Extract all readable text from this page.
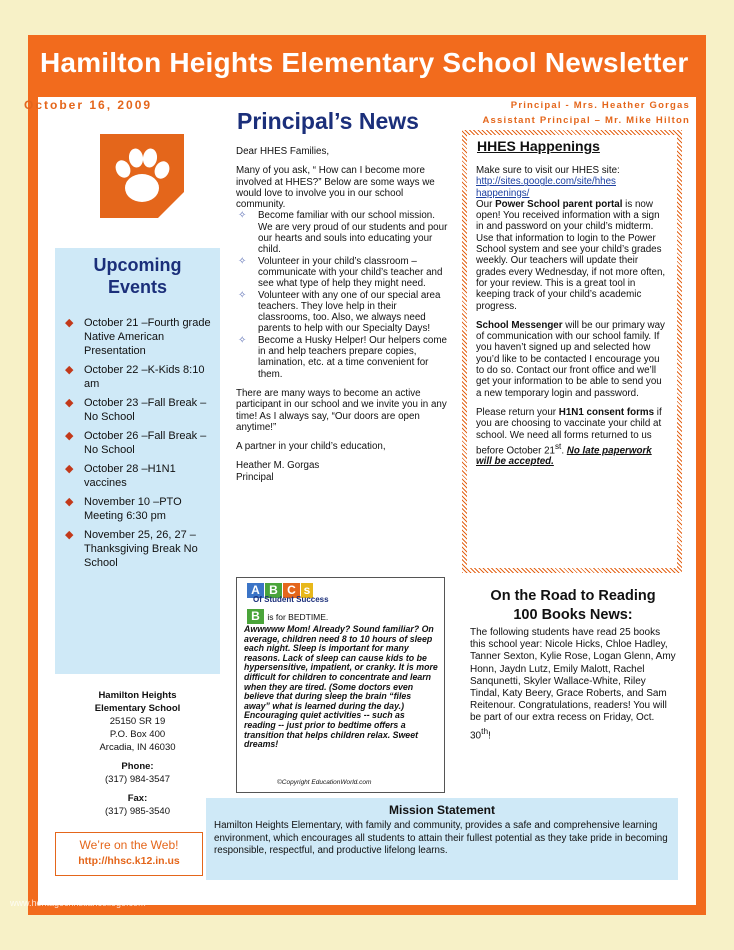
Hamilton Heights Elementary School Newsletter
October 16, 2009	Principal - Mrs. Heather Gorgas
Assistant Principal – Mr. Mike Hilton
Upcoming
Events
◆ October 21 –Fourth grade Native American Presentation
◆ October 22 –K-Kids 8:10 am
◆ October 23 –Fall Break –No School
◆ October 26 –Fall Break –No School
◆ October 28 –H1N1 vaccines
◆ November 10 –PTO Meeting 6:30 pm
◆ November 25, 26, 27 – Thanksgiving Break No School
Hamilton Heights
Elementary School
25150 SR 19
P.O. Box 400
Arcadia, IN 46030
Phone:
(317) 984-3547
Fax:
(317) 985-3540
We’re on the Web!
http://hhsc.k12.in.us
Principal’s News

Dear HHES Families,

Many of you ask, “ How can I become more involved at HHES?” Below are some ways we would love to involve you in our school community.

✧ Become familiar with our school mission. We are very proud of our students and pour our hearts and souls into educating your child.
✧ Volunteer in your child’s classroom – communicate with your child’s teacher and see what type of help they might need.
✧ Volunteer with any one of our special area teachers. They love help in their classrooms, too. Also, we always need parents to help with our Specialty Days!
✧ Become a Husky Helper! Our helpers come in and help teachers prepare copies, lamination, etc. at a time convenient for them.

There are many ways to become an active participant in our school and we invite you in any time! As I always say, “Our doors are open anytime!”

A partner in your child’s education,

Heather M. Gorgas
Principal
A B C s
Of Student Success
B is for BEDTIME.
Awwwww Mom! Already? Sound familiar? On average, children need 8 to 10 hours of sleep each night. Sleep is important for many reasons. Lack of sleep can cause kids to be hypersensitive, impatient, or cranky. It is more difficult for children to concentrate and learn when they are tired. (Some doctors even believe that during sleep the brain “files away” what is learned during the day.) Encouraging quiet activities -- such as reading -- just prior to bedtime offers a transition that helps children relax. Sweet dreams!
©Copyright EducationWorld.com
HHES Happenings
Make sure to visit our HHES site:
http://sites.google.com/site/hhes happenings/

Our Power School parent portal is now open! You received information with a sign in and password on your child’s midterm. Use that information to login to the Power School system and see your child’s grades weekly. Our teachers will update their grades every Wednesday, if not more often, for your review. This is a great tool in keeping track of your child’s academic progress.

School Messenger will be our primary way of communication with our school family. If you haven’t signed up and selected how you’d like to be contacted I encourage you to do so. Contact our front office and we’ll get your information to be able to send you a new temporary login and password.

Please return your H1N1 consent forms if you are choosing to vaccinate your child at school. We need all forms returned to us before October 21st. No late paperwork will be accepted.

On the Road to Reading
100 Books News:
The following students have read 25 books this school year: Nicole Hicks, Chloe Hadley, Tanner Sexton, Kylie Rose, Logan Glenn, Amy Honn, Jaydn Lutz, Emily Malott, Rachel Sanqunetti, Skyler Wallace-White, Riley Tindal, Katy Beery, Grace Roberts, and Sam Reitenour. Congratulations, readers! You will be part of our extra recess on Friday, Oct. 30th!
Mission Statement
Hamilton Heights Elementary, with family and community, provides a safe and comprehensive learning environment, which encourages all students to attain their fullest potential as they take pride in becoming responsible, respectful, and productive lifelong learns.
www.heritagechristiancollege.com
